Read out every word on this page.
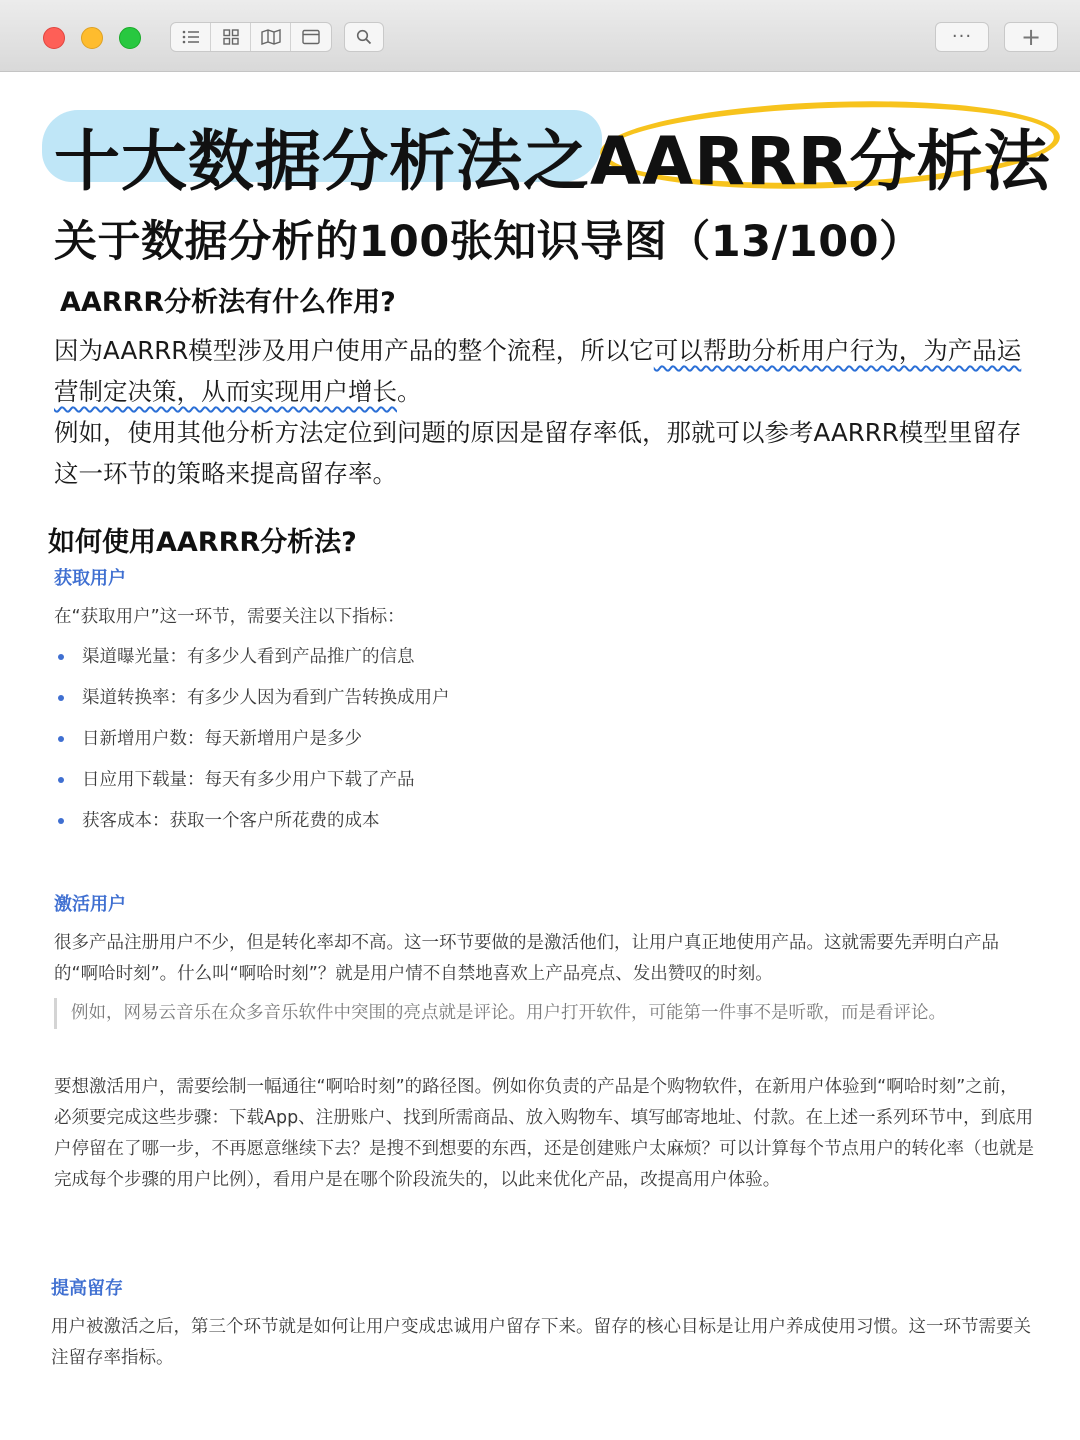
··· +
十大数据分析法之AARRR分析法
关于数据分析的100张知识导图（13/100）
AARRR分析法有什么作用?
因为AARRR模型涉及用户使用产品的整个流程，所以它可以帮助分析用户行为，为产品运营制定决策，从而实现用户增长。
例如，使用其他分析方法定位到问题的原因是留存率低，那就可以参考AARRR模型里留存这一环节的策略来提高留存率。
如何使用AARRR分析法?
获取用户
在“获取用户”这一环节，需要关注以下指标：
渠道曝光量：有多少人看到产品推广的信息
渠道转换率：有多少人因为看到广告转换成用户
日新增用户数：每天新增用户是多少
日应用下载量：每天有多少用户下载了产品
获客成本：获取一个客户所花费的成本
激活用户
很多产品注册用户不少，但是转化率却不高。这一环节要做的是激活他们，让用户真正地使用产品。这就需要先弄明白产品的“啊哈时刻”。什么叫“啊哈时刻”？就是用户情不自禁地喜欢上产品亮点、发出赞叹的时刻。
例如，网易云音乐在众多音乐软件中突围的亮点就是评论。用户打开软件，可能第一件事不是听歌，而是看评论。
要想激活用户，需要绘制一幅通往“啊哈时刻”的路径图。例如你负责的产品是个购物软件，在新用户体验到“啊哈时刻”之前，必须要完成这些步骤：下载App、注册账户、找到所需商品、放入购物车、填写邮寄地址、付款。在上述一系列环节中，到底用户停留在了哪一步，不再愿意继续下去？是搜不到想要的东西，还是创建账户太麻烦？可以计算每个节点用户的转化率（也就是完成每个步骤的用户比例），看用户是在哪个阶段流失的，以此来优化产品，改提高用户体验。
提高留存
用户被激活之后，第三个环节就是如何让用户变成忠诚用户留存下来。留存的核心目标是让用户养成使用习惯。这一环节需要关注留存率指标。
